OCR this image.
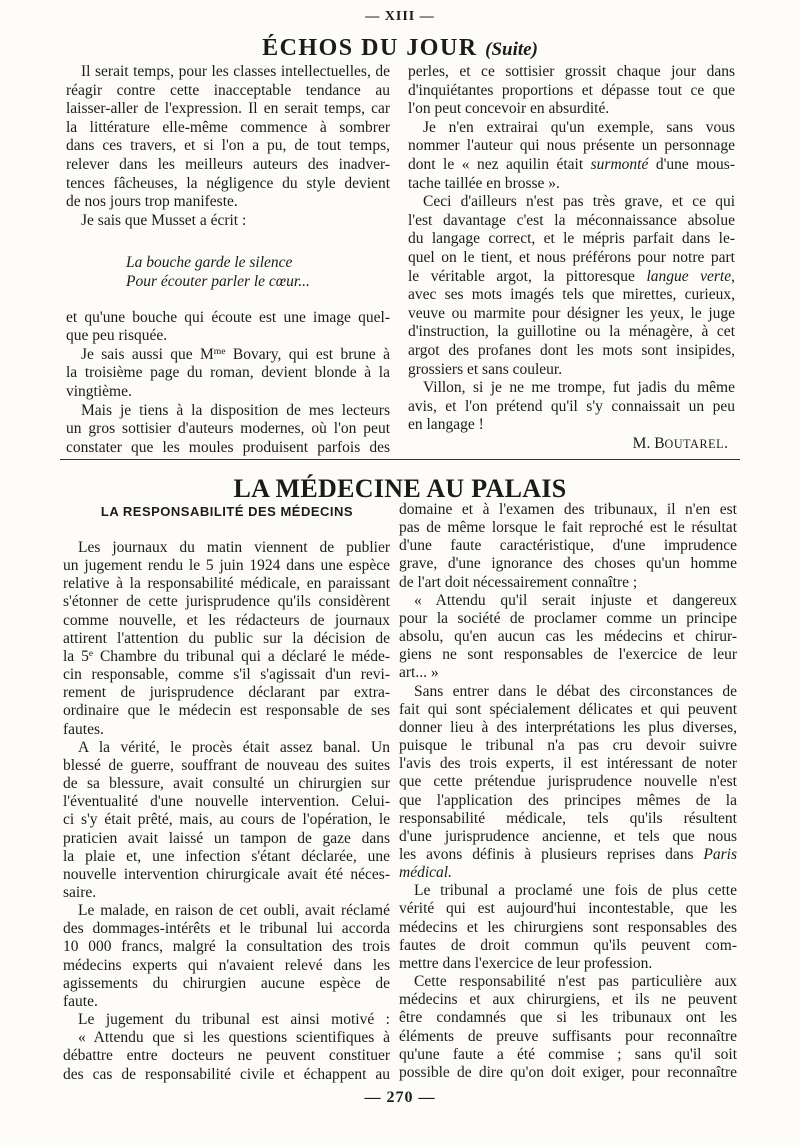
— XIII —
ÉCHOS DU JOUR (Suite)
Il serait temps, pour les classes intellectuelles, de
réagir contre cette inacceptable tendance au
laisser-aller de l'expression. Il en serait temps, car
la littérature elle-même commence à sombrer
dans ces travers, et si l'on a pu, de tout temps,
relever dans les meilleurs auteurs des inadver-
tences fâcheuses, la négligence du style devient
de nos jours trop manifeste.
Je sais que Musset a écrit :
La bouche garde le silence
Pour écouter parler le cœur...
et qu'une bouche qui écoute est une image quel-
que peu risquée.
Je sais aussi que $M^{me}$ Bovary, qui est brune à
la troisième page du roman, devient blonde à la
vingtième.
Mais je tiens à la disposition de mes lecteurs
un gros sottisier d'auteurs modernes, où l'on peut
constater que les moules produisent parfois des
perles, et ce sottisier grossit chaque jour dans
d'inquiétantes proportions et dépasse tout ce que
l'on peut concevoir en absurdité.
Je n'en extrairai qu'un exemple, sans vous
nommer l'auteur qui nous présente un personnage
dont le « nez aquilin était surmonté d'une mous-
tache taillée en brosse ».
Ceci d'ailleurs n'est pas très grave, et ce qui
l'est davantage c'est la méconnaissance absolue
du langage correct, et le mépris parfait dans le-
quel on le tient, et nous préférons pour notre part
le véritable argot, la pittoresque langue verte,
avec ses mots imagés tels que mirettes, curieux,
veuve ou marmite pour désigner les yeux, le juge
d'instruction, la guillotine ou la ménagère, à cet
argot des profanes dont les mots sont insipides,
grossiers et sans couleur.
Villon, si je ne me trompe, fut jadis du même
avis, et l'on prétend qu'il s'y connaissait un peu
en langage !
M. BOUTAREL.
LA MÉDECINE AU PALAIS
LA RESPONSABILITÉ DES MÉDECINS
Les journaux du matin viennent de publier
un jugement rendu le 5 juin 1924 dans une espèce
relative à la responsabilité médicale, en paraissant
s'étonner de cette jurisprudence qu'ils considèrent
comme nouvelle, et les rédacteurs de journaux
attirent l'attention du public sur la décision de
la 5e Chambre du tribunal qui a déclaré le méde-
cin responsable, comme s'il s'agissait d'un revi-
rement de jurisprudence déclarant par extra-
ordinaire que le médecin est responsable de ses
fautes.
A la vérité, le procès était assez banal. Un
blessé de guerre, souffrant de nouveau des suites
de sa blessure, avait consulté un chirurgien sur
l'éventualité d'une nouvelle intervention. Celui-
ci s'y était prêté, mais, au cours de l'opération, le
praticien avait laissé un tampon de gaze dans
la plaie et, une infection s'étant déclarée, une
nouvelle intervention chirurgicale avait été néces-
saire.
Le malade, en raison de cet oubli, avait réclamé
des dommages-intérêts et le tribunal lui accorda
10 000 francs, malgré la consultation des trois
médecins experts qui n'avaient relevé dans les
agissements du chirurgien aucune espèce de
faute.
Le jugement du tribunal est ainsi motivé :
« Attendu que si les questions scientifiques à
débattre entre docteurs ne peuvent constituer
des cas de responsabilité civile et échappent au
domaine et à l'examen des tribunaux, il n'en est
pas de même lorsque le fait reproché est le résultat
d'une faute caractéristique, d'une imprudence
grave, d'une ignorance des choses qu'un homme
de l'art doit nécessairement connaître ;
« Attendu qu'il serait injuste et dangereux
pour la société de proclamer comme un principe
absolu, qu'en aucun cas les médecins et chirur-
giens ne sont responsables de l'exercice de leur
art... »
Sans entrer dans le débat des circonstances de
fait qui sont spécialement délicates et qui peuvent
donner lieu à des interprétations les plus diverses,
puisque le tribunal n'a pas cru devoir suivre
l'avis des trois experts, il est intéressant de noter
que cette prétendue jurisprudence nouvelle n'est
que l'application des principes mêmes de la
responsabilité médicale, tels qu'ils résultent
d'une jurisprudence ancienne, et tels que nous
les avons définis à plusieurs reprises dans Paris
médical.
Le tribunal a proclamé une fois de plus cette
vérité qui est aujourd'hui incontestable, que les
médecins et les chirurgiens sont responsables des
fautes de droit commun qu'ils peuvent com-
mettre dans l'exercice de leur profession.
Cette responsabilité n'est pas particulière aux
médecins et aux chirurgiens, et ils ne peuvent
être condamnés que si les tribunaux ont les
éléments de preuve suffisants pour reconnaître
qu'une faute a été commise ; sans qu'il soit
possible de dire qu'on doit exiger, pour reconnaître
— 270 —
